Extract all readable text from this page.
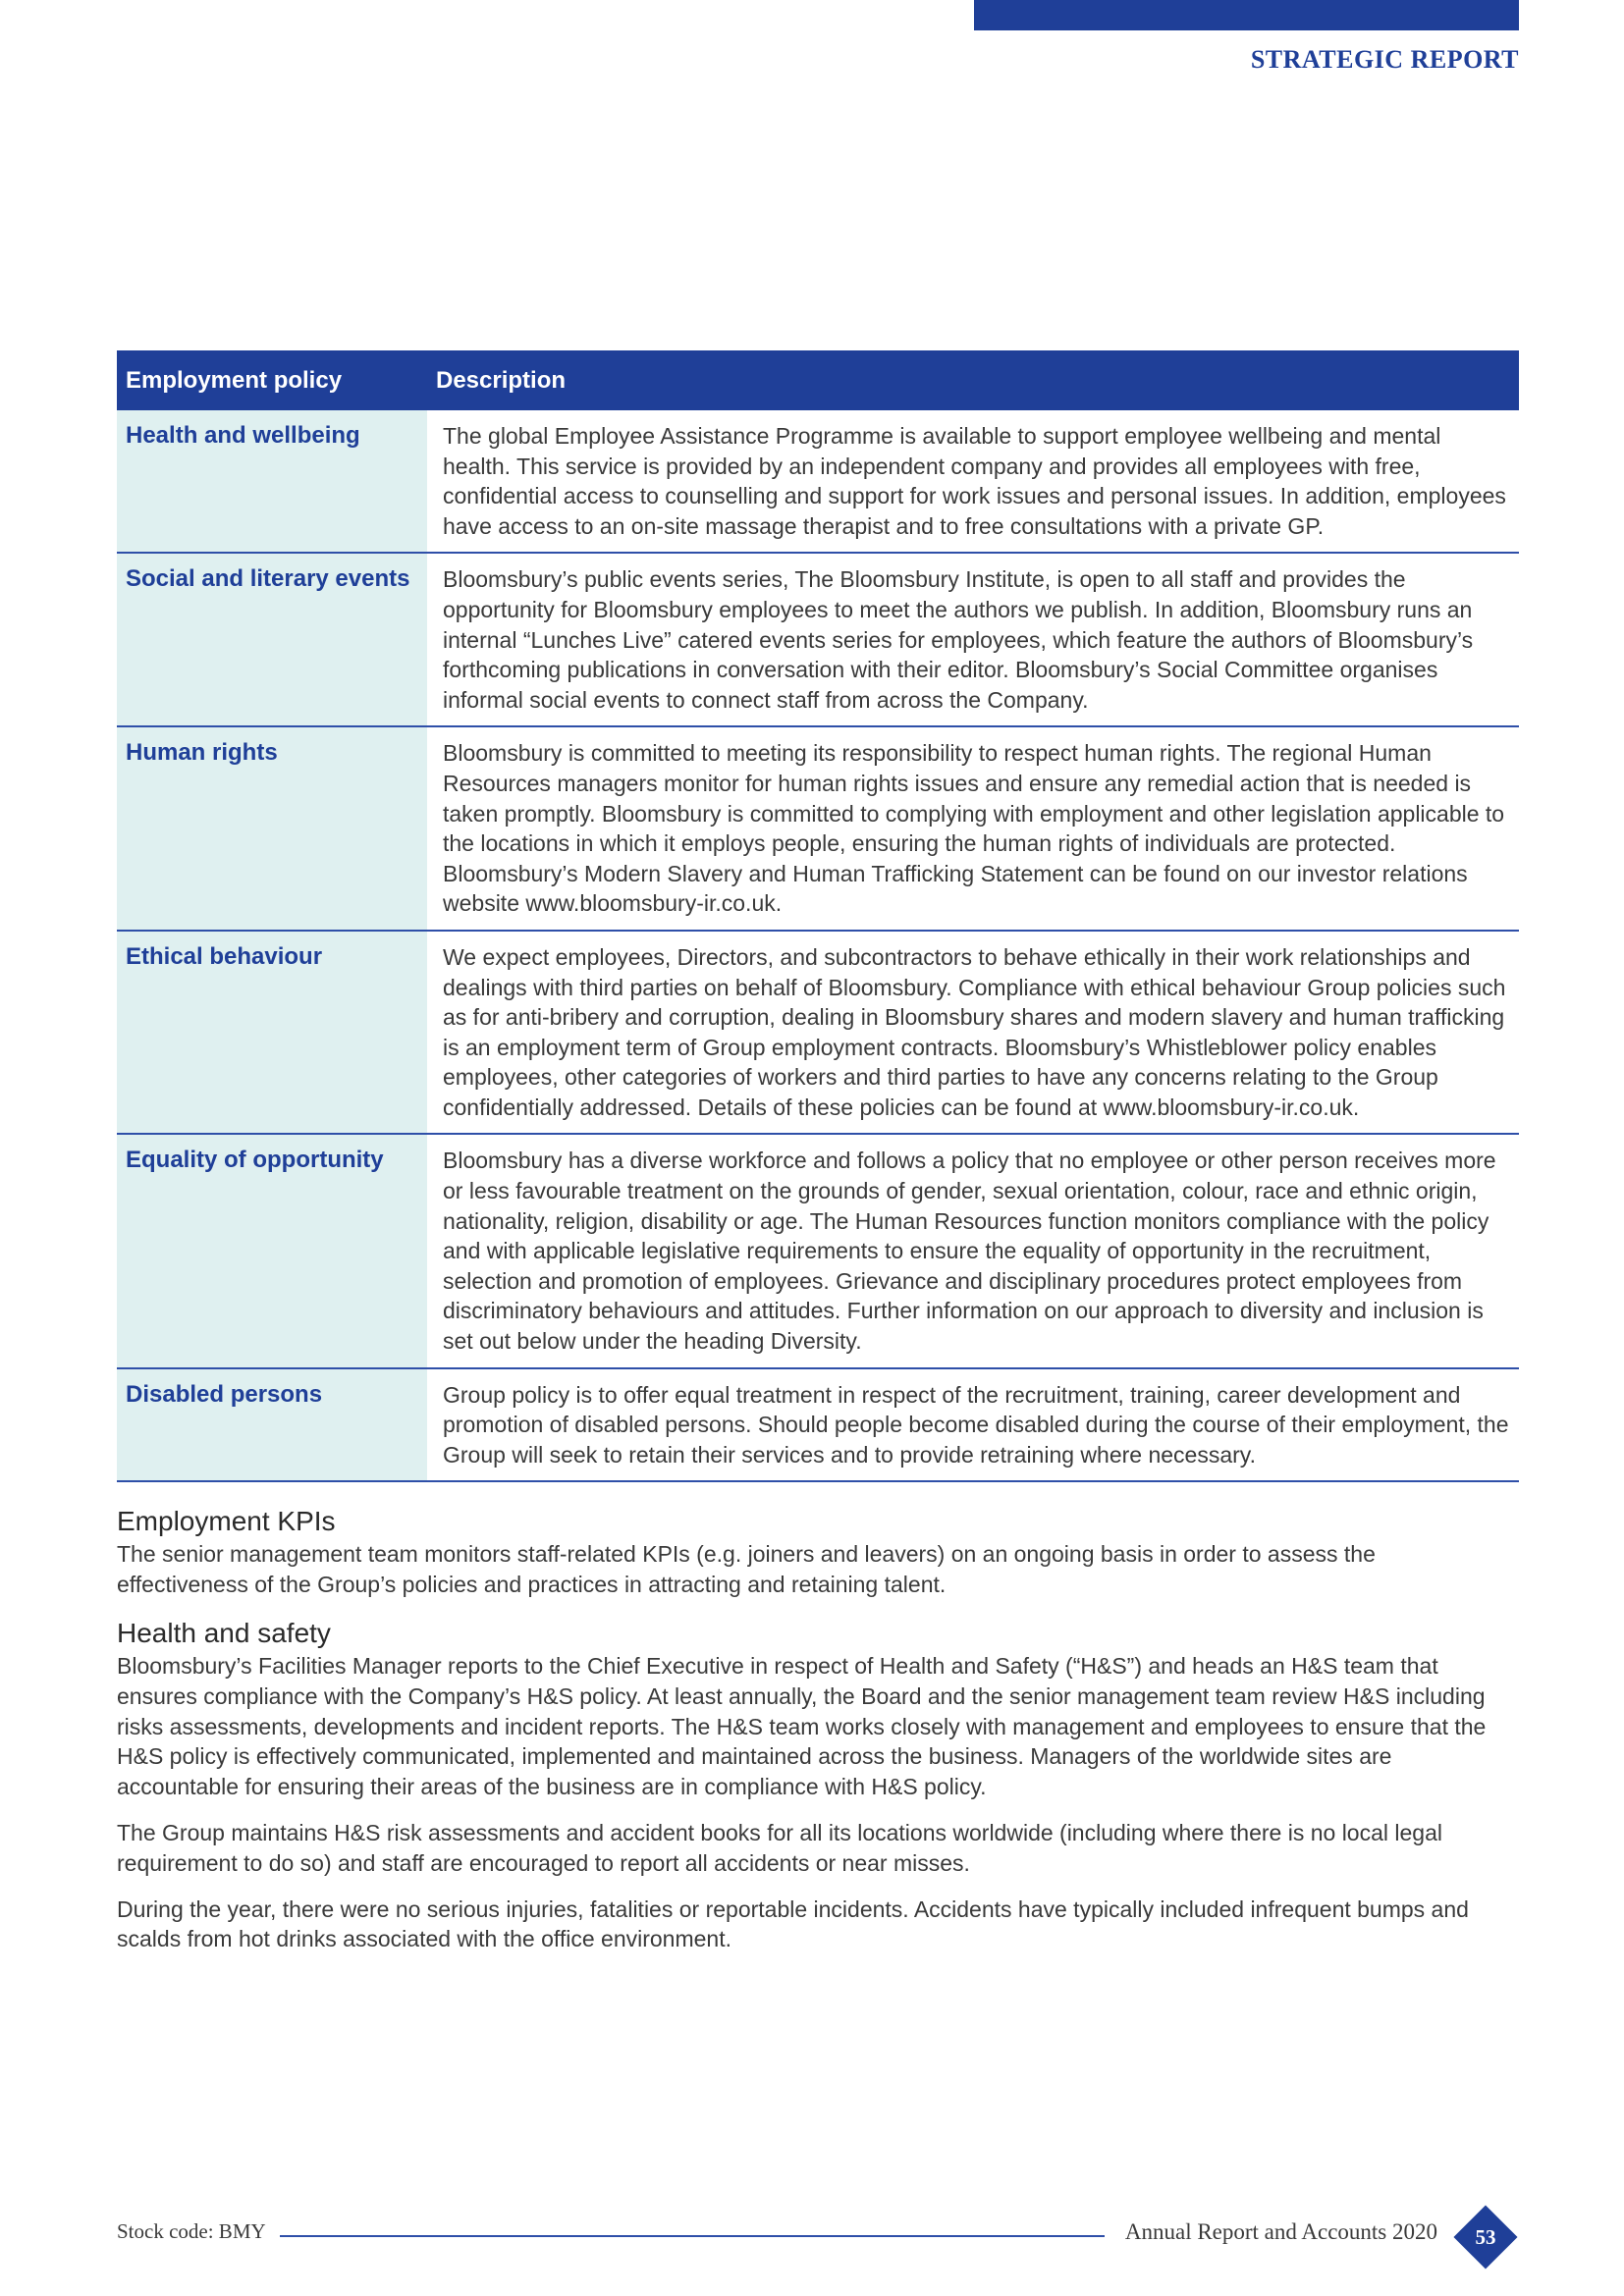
STRATEGIC REPORT
Employment policy	Description
Health and wellbeing	The global Employee Assistance Programme is available to support employee wellbeing and mental health. This service is provided by an independent company and provides all employees with free, confidential access to counselling and support for work issues and personal issues. In addition, employees have access to an on-site massage therapist and to free consultations with a private GP.
Social and literary events	Bloomsbury’s public events series, The Bloomsbury Institute, is open to all staff and provides the opportunity for Bloomsbury employees to meet the authors we publish. In addition, Bloomsbury runs an internal “Lunches Live” catered events series for employees, which feature the authors of Bloomsbury’s forthcoming publications in conversation with their editor. Bloomsbury’s Social Committee organises informal social events to connect staff from across the Company.
Human rights	Bloomsbury is committed to meeting its responsibility to respect human rights. The regional Human Resources managers monitor for human rights issues and ensure any remedial action that is needed is taken promptly. Bloomsbury is committed to complying with employment and other legislation applicable to the locations in which it employs people, ensuring the human rights of individuals are protected. Bloomsbury’s Modern Slavery and Human Trafficking Statement can be found on our investor relations website www.bloomsbury-ir.co.uk.
Ethical behaviour	We expect employees, Directors, and subcontractors to behave ethically in their work relationships and dealings with third parties on behalf of Bloomsbury. Compliance with ethical behaviour Group policies such as for anti-bribery and corruption, dealing in Bloomsbury shares and modern slavery and human trafficking is an employment term of Group employment contracts. Bloomsbury’s Whistleblower policy enables employees, other categories of workers and third parties to have any concerns relating to the Group confidentially addressed. Details of these policies can be found at www.bloomsbury-ir.co.uk.
Equality of opportunity	Bloomsbury has a diverse workforce and follows a policy that no employee or other person receives more or less favourable treatment on the grounds of gender, sexual orientation, colour, race and ethnic origin, nationality, religion, disability or age. The Human Resources function monitors compliance with the policy and with applicable legislative requirements to ensure the equality of opportunity in the recruitment, selection and promotion of employees. Grievance and disciplinary procedures protect employees from discriminatory behaviours and attitudes. Further information on our approach to diversity and inclusion is set out below under the heading Diversity.
Disabled persons	Group policy is to offer equal treatment in respect of the recruitment, training, career development and promotion of disabled persons. Should people become disabled during the course of their employment, the Group will seek to retain their services and to provide retraining where necessary.
Employment KPIs

The senior management team monitors staff-related KPIs (e.g. joiners and leavers) on an ongoing basis in order to assess the effectiveness of the Group’s policies and practices in attracting and retaining talent.

Health and safety

Bloomsbury’s Facilities Manager reports to the Chief Executive in respect of Health and Safety (“H&S”) and heads an H&S team that ensures compliance with the Company’s H&S policy. At least annually, the Board and the senior management team review H&S including risks assessments, developments and incident reports. The H&S team works closely with management and employees to ensure that the H&S policy is effectively communicated, implemented and maintained across the business. Managers of the worldwide sites are accountable for ensuring their areas of the business are in compliance with H&S policy.

The Group maintains H&S risk assessments and accident books for all its locations worldwide (including where there is no local legal requirement to do so) and staff are encouraged to report all accidents or near misses.

During the year, there were no serious injuries, fatalities or reportable incidents. Accidents have typically included infrequent bumps and scalds from hot drinks associated with the office environment.

Stock code: BMY	Annual Report and Accounts 2020	53
